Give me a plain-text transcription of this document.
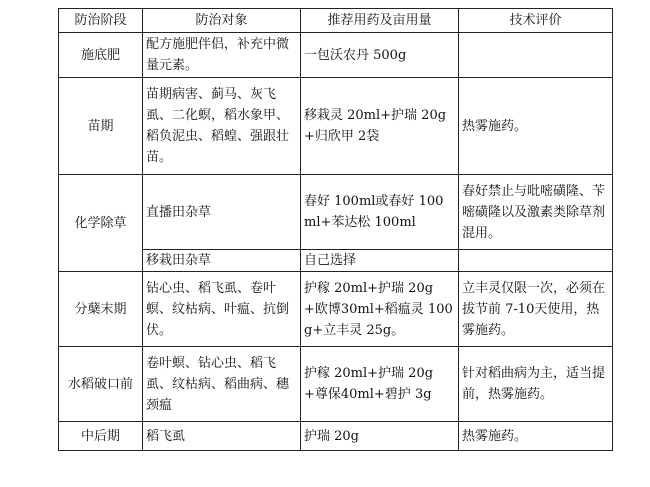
防治阶段	防治对象	推荐用药及亩用量	技术评价
施底肥	配方施肥伴侣，补充中微量元素。	一包沃农丹 500g	
苗期	苗期病害、蓟马、灰飞虱、二化螟，稻水象甲、稻负泥虫、稻蝗、强跟壮苗。	移栽灵 20ml+护瑞 20g+归欣甲 2袋	热雾施药。
化学除草	直播田杂草	春好 100ml或春好 100ml+苯达松 100ml	春好禁止与吡嘧磺隆、苄嘧磺隆以及激素类除草剂混用。
	移栽田杂草	自己选择	
分蘖末期	钻心虫、稻飞虱、卷叶螟、纹枯病、叶瘟、抗倒伏。	护稼 20ml+护瑞 20g+欧博30ml+稻瘟灵 100g+立丰灵 25g。	立丰灵仅限一次，必须在拔节前 7-10天使用，热雾施药。
水稻破口前	卷叶螟、钻心虫、稻飞虱、纹枯病、稻曲病、穗颈瘟	护稼 20ml+护瑞 20g+尊保40ml+碧护 3g	针对稻曲病为主，适当提前，热雾施药。
中后期	稻飞虱	护瑞 20g	热雾施药。
